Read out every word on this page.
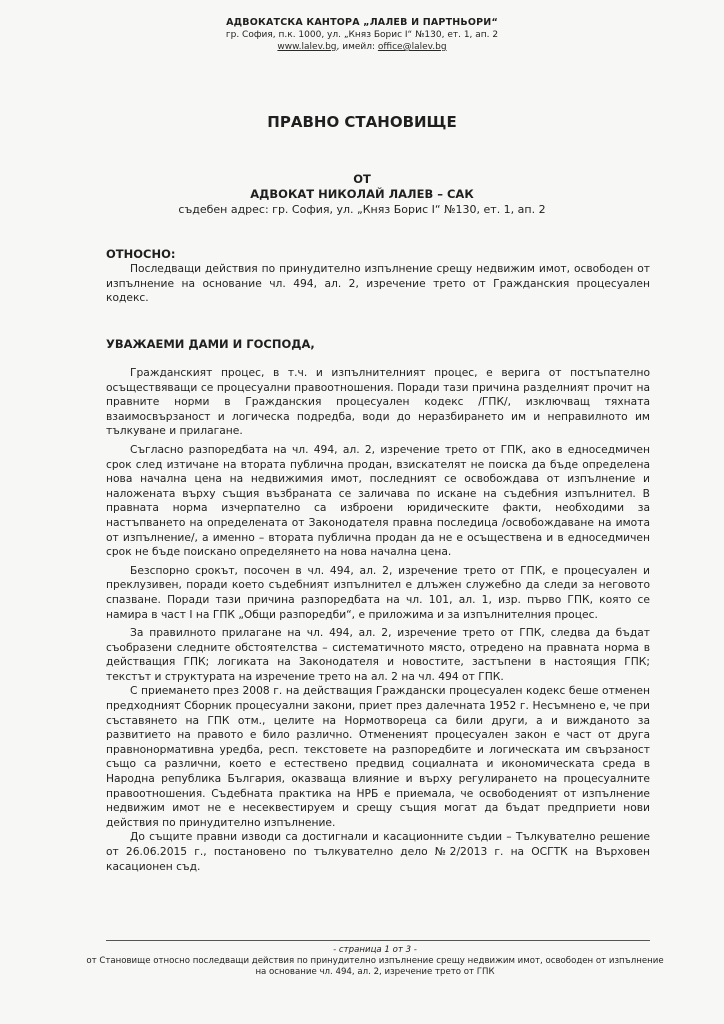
АДВОКАТСКА КАНТОРА „ЛАЛЕВ И ПАРТНЬОРИ“
гр. София, п.к. 1000, ул. „Княз Борис I“ №130, ет. 1, ап. 2
www.lalev.bg, имейл: office@lalev.bg
ПРАВНО СТАНОВИЩЕ
ОТ
АДВОКАТ НИКОЛАЙ ЛАЛЕВ – САК
съдебен адрес: гр. София, ул. „Княз Борис I“ №130, ет. 1, ап. 2
ОТНОСНО:

Последващи действия по принудително изпълнение срещу недвижим имот, освободен от изпълнение на основание чл. 494, ал. 2, изречение трето от Гражданския процесуален кодекс.

УВАЖАЕМИ ДАМИ И ГОСПОДА,

Гражданският процес, в т.ч. и изпълнителният процес, е верига от постъпателно осъществяващи се процесуални правоотношения. Поради тази причина разделният прочит на правните норми в Гражданския процесуален кодекс /ГПК/, изключващ тяхната взаимосвързаност и логическа подредба, води до неразбирането им и неправилното им тълкуване и прилагане.

Съгласно разпоредбата на чл. 494, ал. 2, изречение трето от ГПК, ако в едноседмичен срок след изтичане на втората публична продан, взискателят не поиска да бъде определена нова начална цена на недвижимия имот, последният се освобождава от изпълнение и наложената върху същия възбраната се заличава по искане на съдебния изпълнител. В правната норма изчерпателно са изброени юридическите факти, необходими за настъпването на определената от Законодателя правна последица /освобождаване на имота от изпълнение/, а именно – втората публична продан да не е осъществена и в едноседмичен срок не бъде поискано определянето на нова начална цена.

Безспорно срокът, посочен в чл. 494, ал. 2, изречение трето от ГПК, е процесуален и преклузивен, поради което съдебният изпълнител е длъжен служебно да следи за неговото спазване. Поради тази причина разпоредбата на чл. 101, ал. 1, изр. първо ГПК, която се намира в част I на ГПК „Общи разпоредби“, е приложима и за изпълнителния процес.

За правилното прилагане на чл. 494, ал. 2, изречение трето от ГПК, следва да бъдат съобразени следните обстоятелства – систематичното място, отредено на правната норма в действащия ГПК; логиката на Законодателя и новостите, застъпени в настоящия ГПК; текстът и структурата на изречение трето на ал. 2 на чл. 494 от ГПК.

С приемането през 2008 г. на действащия Граждански процесуален кодекс беше отменен предходният Сборник процесуални закони, приет през далечната 1952 г. Несъмнено е, че при съставянето на ГПК отм., целите на Нормотвореца са били други, а и вижданото за развитието на правото е било различно. Отмененият процесуален закон е част от друга правнонормативна уредба, респ. текстовете на разпоредбите и логическата им свързаност също са различни, което е естествено предвид социалната и икономическата среда в Народна република България, оказваща влияние и върху регулирането на процесуалните правоотношения. Съдебната практика на НРБ е приемала, че освободеният от изпълнение недвижим имот не е несеквестируем и срещу същия могат да бъдат предприети нови действия по принудително изпълнение.

До същите правни изводи са достигнали и касационните съдии – Тълкувателно решение от 26.06.2015 г., постановено по тълкувателно дело №2/2013 г. на ОСГТК на Върховен касационен съд.

- страница 1 от 3 -
от Становище относно последващи действия по принудително изпълнение срещу недвижим имот, освободен от изпълнение на основание чл. 494, ал. 2, изречение трето от ГПК
